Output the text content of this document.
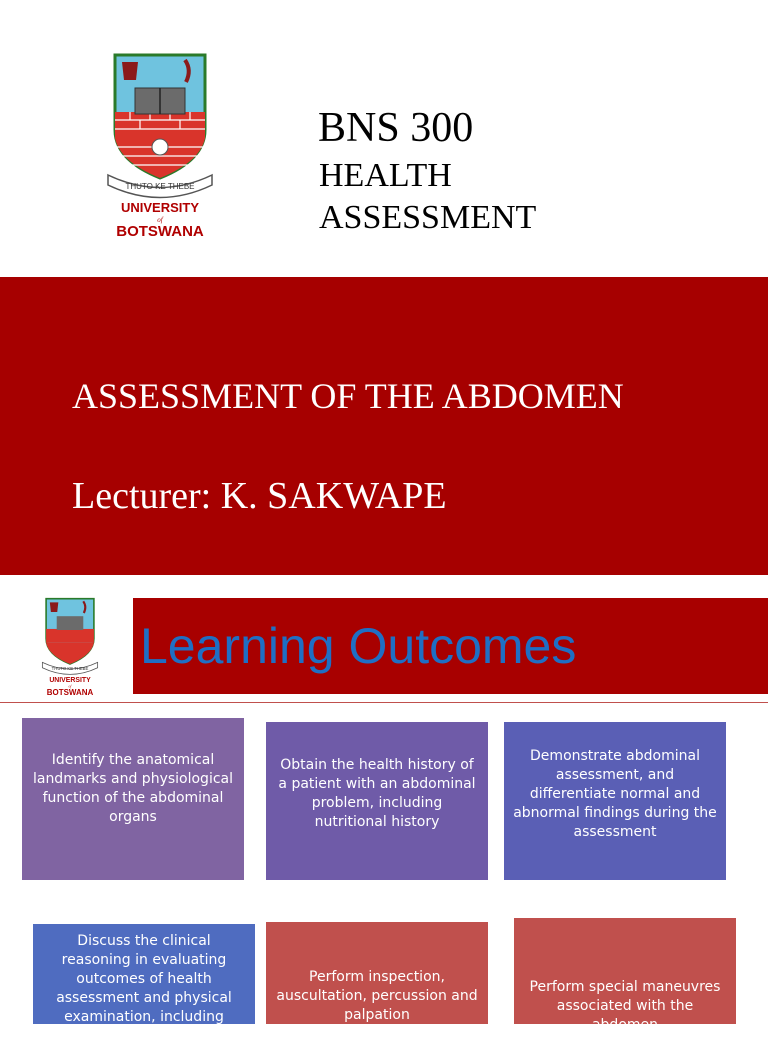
THUTO KE THEBE
UNIVERSITY
of
BOTSWANA
BNS 300
HEALTH
ASSESSMENT
ASSESSMENT OF THE ABDOMEN
Lecturer: K. SAKWAPE
THUTO KE THEBE
UNIVERSITY
of
BOTSWANA
Learning Outcomes
Identify the anatomical landmarks and physiological function of the abdominal organs
Obtain the health history of a patient with an abdominal problem, including nutritional history
Demonstrate abdominal assessment, and differentiate normal and abnormal findings during the assessment
Discuss the clinical reasoning in evaluating outcomes of health assessment and physical examination, including documentation,
Perform inspection, auscultation, percussion and palpation
Perform special maneuvres associated with the abdomen
